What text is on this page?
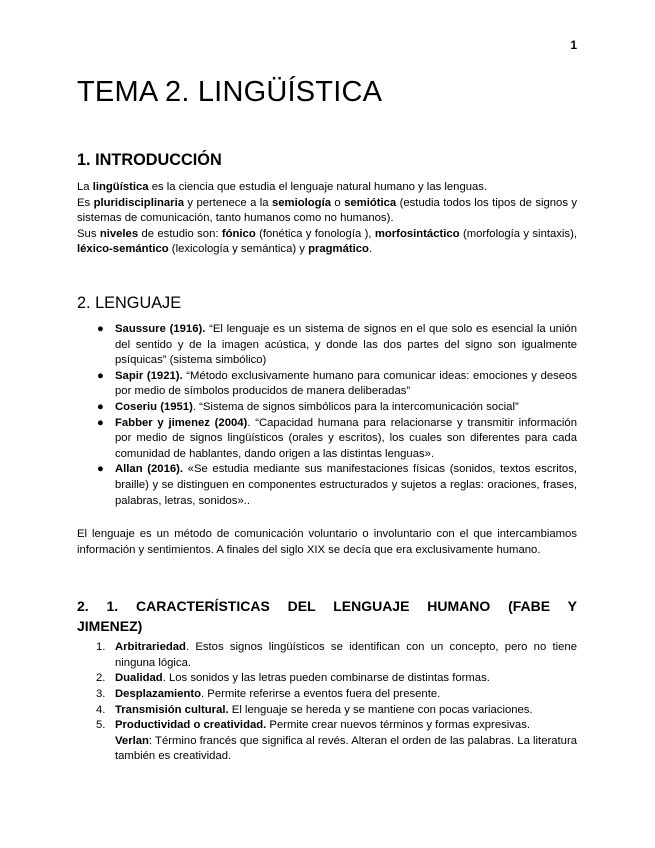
1
TEMA 2. LINGÜÍSTICA
1. INTRODUCCIÓN

La lingüística es la ciencia que estudia el lenguaje natural humano y las lenguas.

Es pluridisciplinaria y pertenece a la semiología o semiótica (estudia todos los tipos de signos y sistemas de comunicación, tanto humanos como no humanos).

Sus niveles de estudio son: fónico (fonética y fonología ), morfosintáctico (morfología y sintaxis), léxico-semántico (lexicología y semántica) y pragmático.

2. LENGUAJE
● Saussure (1916). “El lenguaje es un sistema de signos en el que solo es esencial la unión del sentido y de la imagen acústica, y donde las dos partes del signo son igualmente psíquicas” (sistema simbólico)
● Sapir (1921). “Método exclusivamente humano para comunicar ideas: emociones y deseos por medio de símbolos producidos de manera deliberadas”
● Coseriu (1951). “Sistema de signos simbólicos para la intercomunicación social”
● Fabber y jimenez (2004). “Capacidad humana para relacionarse y transmitir información por medio de signos lingüísticos (orales y escritos), los cuales son diferentes para cada comunidad de hablantes, dando origen a las distintas lenguas».
● Allan (2016). «Se estudia mediante sus manifestaciones físicas (sonidos, textos escritos, braille) y se distinguen en componentes estructurados y sujetos a reglas: oraciones, frases, palabras, letras, sonidos»..

El lenguaje es un método de comunicación voluntario o involuntario con el que intercambiamos información y sentimientos. A finales del siglo XIX se decía que era exclusivamente humano.

2. 1. CARACTERÍSTICAS DEL LENGUAJE HUMANO (FABE Y JIMENEZ)
1. Arbitrariedad. Estos signos lingüísticos se identifican con un concepto, pero no tiene ninguna lógica.
2. Dualidad. Los sonidos y las letras pueden combinarse de distintas formas.
3. Desplazamiento. Permite referirse a eventos fuera del presente.
4. Transmisión cultural. El lenguaje se hereda y se mantiene con pocas variaciones.
5. Productividad o creatividad. Permite crear nuevos términos y formas expresivas.
Verlan: Término francés que significa al revés. Alteran el orden de las palabras. La literatura también es creatividad.
